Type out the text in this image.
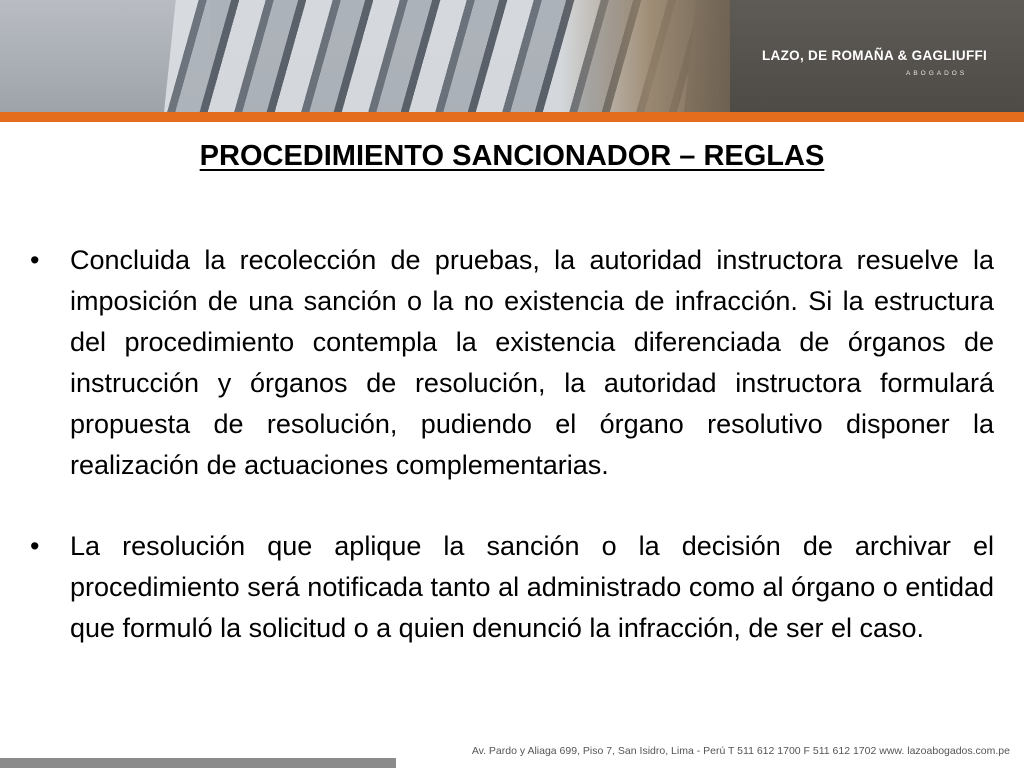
LAZO, DE ROMAÑA & GAGLIUFFI
ABOGADOS
PROCEDIMIENTO SANCIONADOR – REGLAS
• Concluida la recolección de pruebas, la autoridad instructora resuelve la imposición de una sanción o la no existencia de infracción. Si la estructura del procedimiento contempla la existencia diferenciada de órganos de instrucción y órganos de resolución, la autoridad instructora formulará propuesta de resolución, pudiendo el órgano resolutivo disponer la realización de actuaciones complementarias.
• La resolución que aplique la sanción o la decisión de archivar el procedimiento será notificada tanto al administrado como al órgano o entidad que formuló la solicitud o a quien denunció la infracción, de ser el caso.
Av. Pardo y Aliaga 699, Piso 7, San Isidro, Lima - Perú T 511 612 1700 F 511 612 1702 www. lazoabogados.com.pe
